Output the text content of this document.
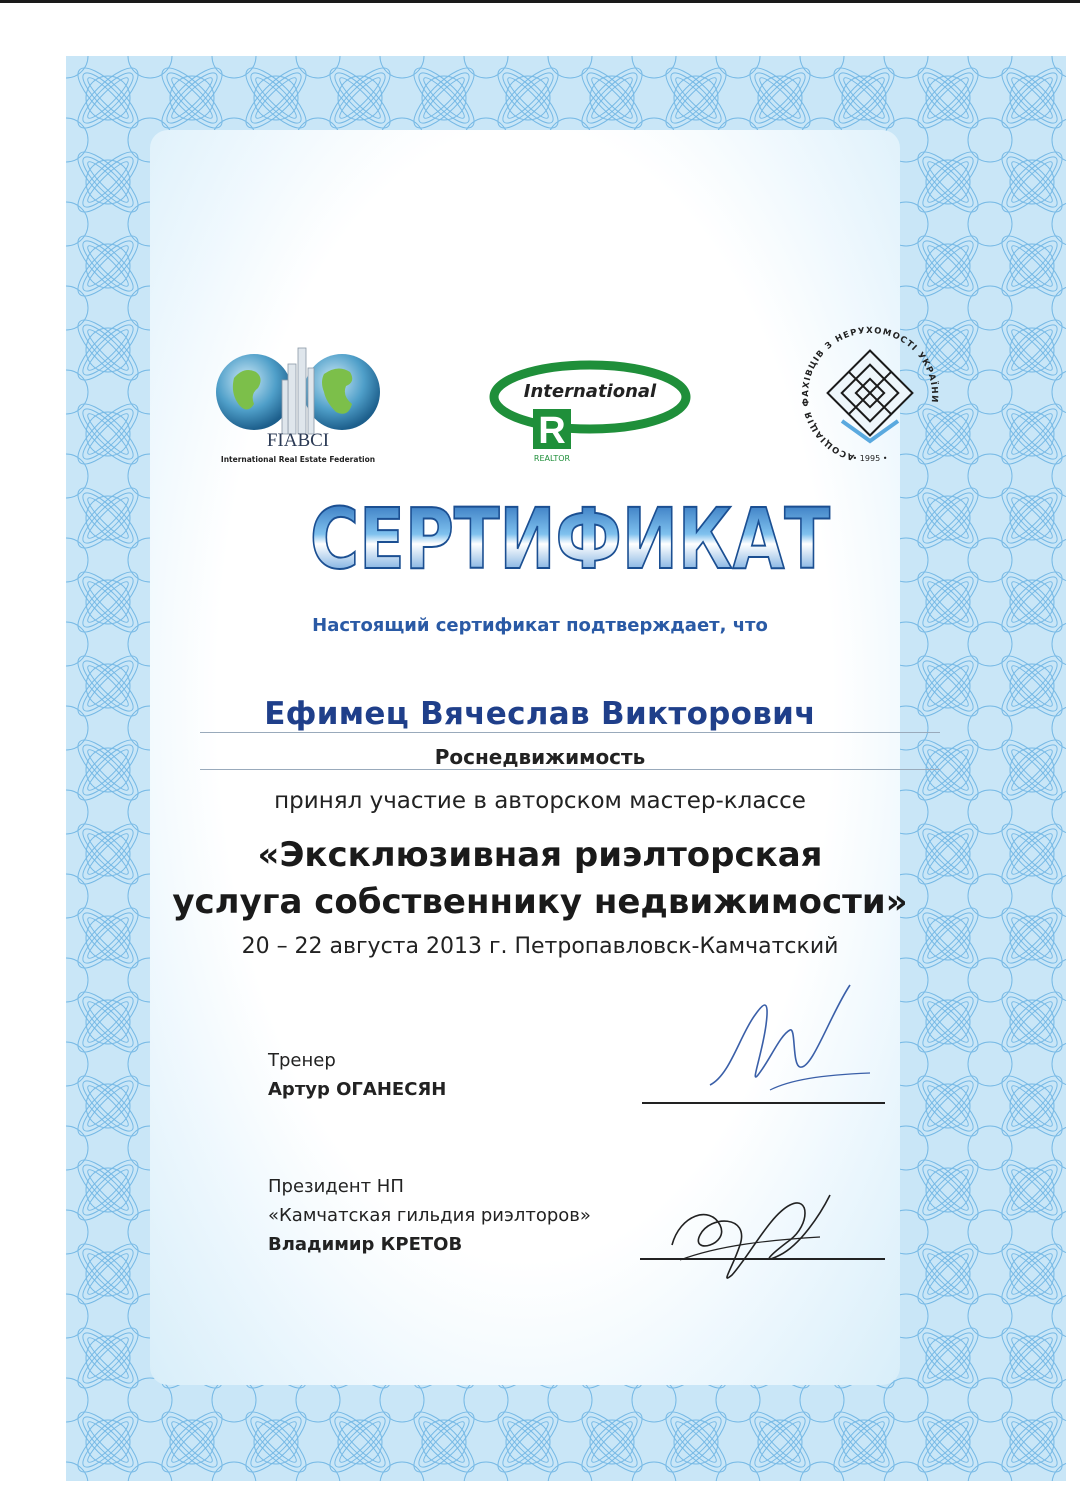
FIABCI
International Real Estate Federation
International
R
REALTOR	АСОЦІАЦІЯ ФАХІВЦІВ З НЕРУХОМОСТІ УКРАЇНИ
• 1995 •
СЕРТИФИКАТ
Настоящий сертификат подтверждает, что
Ефимец Вячеслав Викторович
Роснедвижимость
принял участие в авторском мастер-классе
«Эксклюзивная риэлторская
услуга собственнику недвижимости»
20 – 22 августа 2013 г. Петропавловск-Камчатский
Тренер
Артур ОГАНЕСЯН
Президент НП
«Камчатская гильдия риэлторов»
Владимир КРЕТОВ
